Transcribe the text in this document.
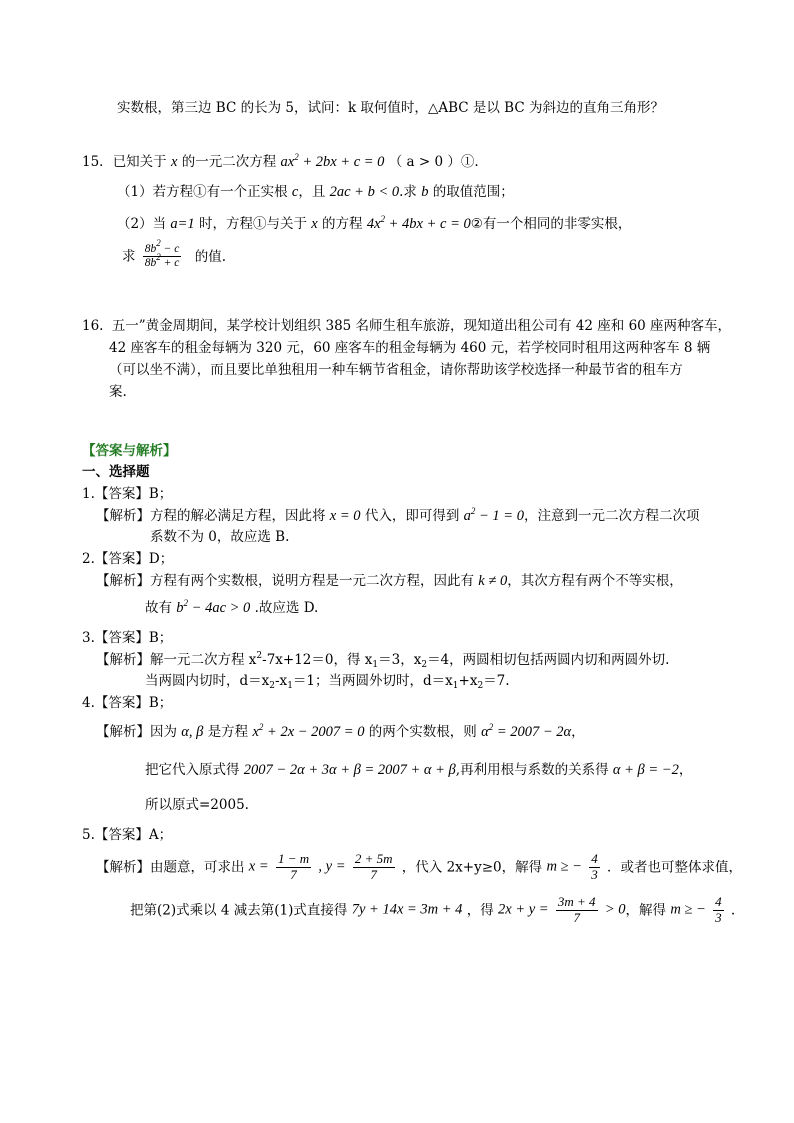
实数根，第三边 BC 的长为 5，试问：k 取何值时，△ABC 是以 BC 为斜边的直角三角形？
15．已知关于 x 的一元二次方程 $ax^2 + 2bx + c = 0$ （ a > 0 ）①.
（1）若方程①有一个正实根 c，且 2ac + b < 0.求 b 的取值范围；
（2）当 a=1 时，方程①与关于 x 的方程 $4x^2 + 4bx + c$ = 0②有一个相同的非零实根，
求 $\frac{8b^2 - c}{8b^2 + c}$ 的值.
16. 五一”黄金周期间，某学校计划组织 385 名师生租车旅游，现知道出租公司有 42 座和 60 座两种客车，
42 座客车的租金每辆为 320 元，60 座客车的租金每辆为 460 元，若学校同时租用这两种客车 8 辆
（可以坐不满），而且要比单独租用一种车辆节省租金，请你帮助该学校选择一种最节省的租车方
案.
【答案与解析】
一、选择题
1.【答案】B；
【解析】方程的解必满足方程，因此将 x = 0 代入，即可得到 $a^2 - 1 = 0$，注意到一元二次方程二次项
系数不为 0，故应选 B.
2.【答案】D；
【解析】方程有两个实数根，说明方程是一元二次方程，因此有 k ≠ 0，其次方程有两个不等实根，
故有 $b^2 - 4ac > 0$ .故应选 D.
3.【答案】B；
【解析】解一元二次方程 $x^2-7x+12=0$，得 $x_1=3$，$x_2=4$，两圆相切包括两圆内切和两圆外切.
当两圆内切时，$d=x_2-x_1=1$；当两圆外切时，$d=x_1+x_2=7$.
4.【答案】B；
【解析】因为 α, β 是方程 $x^2 + 2x - 2007 = 0$ 的两个实数根，则 $\alpha^2 = 2007 - 2\alpha$，
把它代入原式得 2007 − 2α + 3α + β = 2007 + α + β,再利用根与系数的关系得 α + β = −2，
所以原式=2005.
5.【答案】A；
【解析】由题意，可求出 $x = \frac{1 - m}{7}$ , $y = \frac{2 + 5m}{7}$ ，代入 2x+y≥0，解得 m ≥ − $\frac{4}{3}$ ．或者也可整体求值，
把第(2)式乘以 4 减去第(1)式直接得 7y + 14x = 3m + 4 ，得 $2x + y = \frac{3m + 4}{7} > 0$，解得 m ≥ − $\frac{4}{3}$ .
